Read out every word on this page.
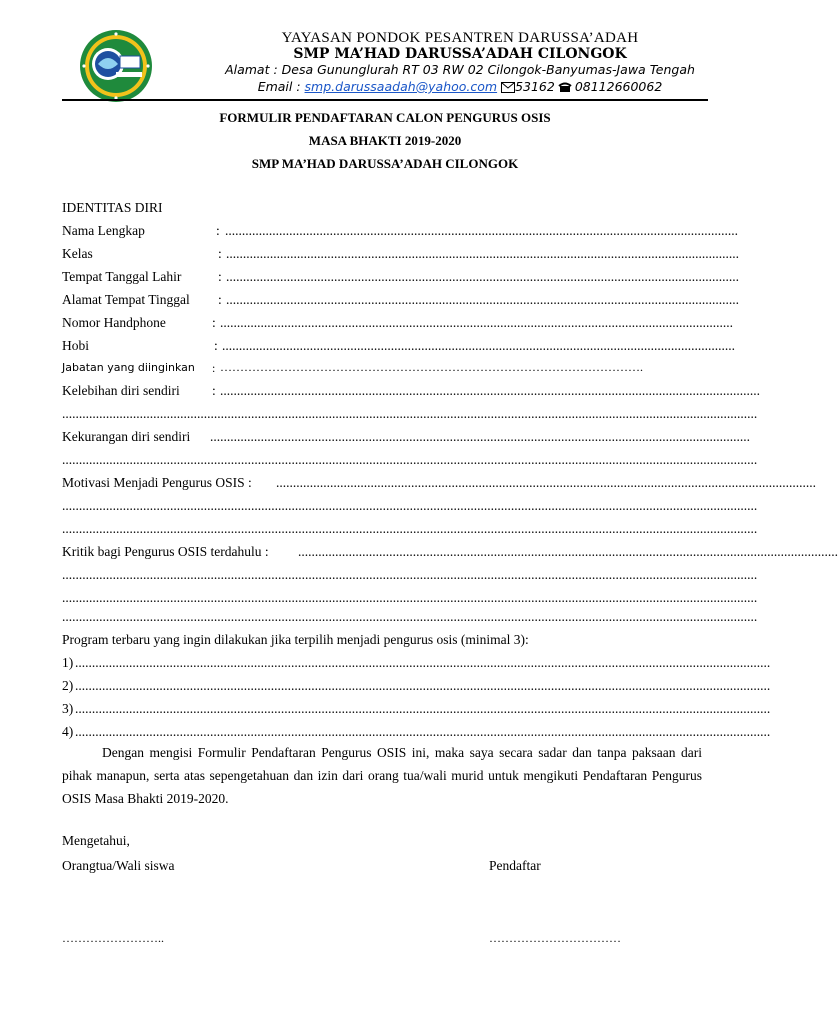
YAYASAN PONDOK PESANTREN DARUSSA’ADAH
SMP MA’HAD DARUSSA’ADAH CILONGOK
Alamat : Desa Gununglurah RT 03 RW 02 Cilongok-Banyumas-Jawa Tengah
Email : smp.darussaadah@yahoo.com 53162 08112660062
FORMULIR PENDAFTARAN CALON PENGURUS OSIS
MASA BHAKTI 2019-2020
SMP MA’HAD DARUSSA’ADAH CILONGOK
IDENTITAS DIRI
Nama Lengkap	: ........................................................................................................................................................
Kelas	: ........................................................................................................................................................
Tempat Tanggal Lahir	: ........................................................................................................................................................
Alamat Tempat Tinggal : ........................................................................................................................................................
Nomor Handphone	: ........................................................................................................................................................
Hobi	: ........................................................................................................................................................
Jabatan yang diinginkan : …………………………………………………………………………………………….
Kelebihan diri sendiri : ................................................................................................................................................................
..............................................................................................................................................................................................................
Kekurangan diri sendiri ................................................................................................................................................................
..............................................................................................................................................................................................................
Motivasi Menjadi Pengurus OSIS : ................................................................................................................................................................
..............................................................................................................................................................................................................
..............................................................................................................................................................................................................
Kritik bagi Pengurus OSIS terdahulu : ................................................................................................................................................................
..............................................................................................................................................................................................................
..............................................................................................................................................................................................................
..............................................................................................................................................................................................................
Program terbaru yang ingin dilakukan jika terpilih menjadi pengurus osis (minimal 3):
1) ..............................................................................................................................................................................................................
2) ..............................................................................................................................................................................................................
3) ..............................................................................................................................................................................................................
4) ..............................................................................................................................................................................................................
Dengan mengisi Formulir Pendaftaran Pengurus OSIS ini, maka saya secara sadar dan tanpa paksaan dari pihak manapun, serta atas sepengetahuan dan izin dari orang tua/wali murid untuk mengikuti Pendaftaran Pengurus OSIS Masa Bhakti 2019-2020.
Mengetahui,
Orangtua/Wali siswa	Pendaftar
……………………..	……………………………
